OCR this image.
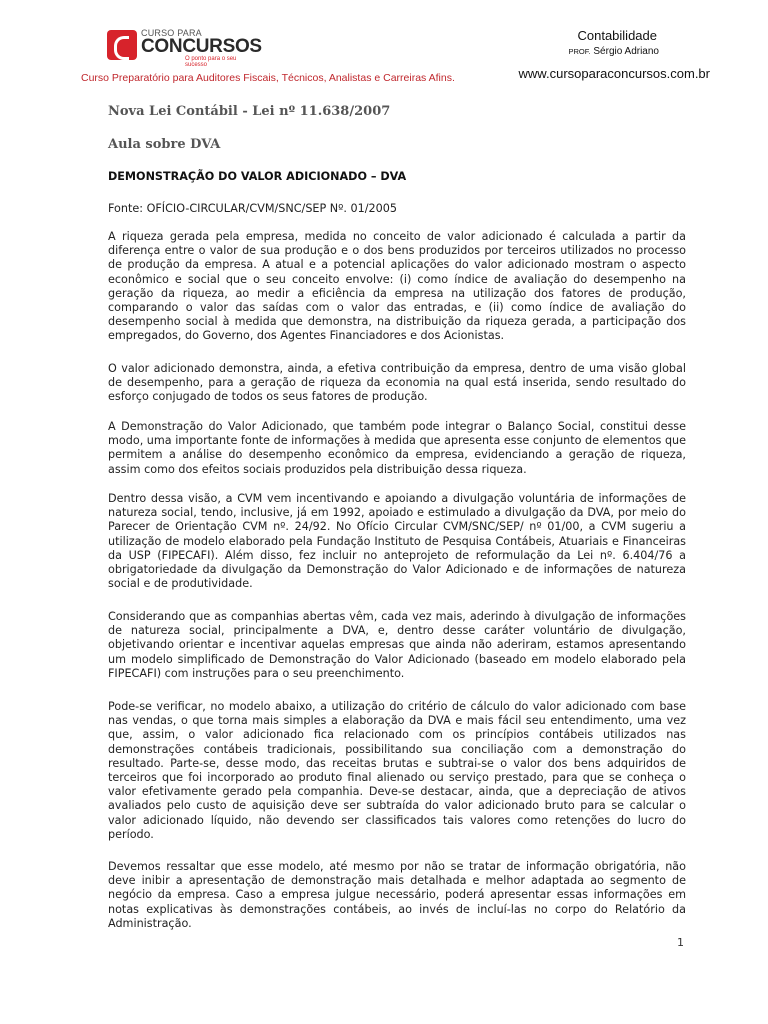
CURSO PARA
CONCURSOS
O ponto para o seu sucesso
Curso Preparatório para Auditores Fiscais, Técnicos, Analistas e Carreiras Afins.
Contabilidade
PROF. Sérgio Adriano
www.cursoparaconcursos.com.br
Nova Lei Contábil - Lei nº 11.638/2007
Aula sobre DVA
DEMONSTRAÇÃO DO VALOR ADICIONADO – DVA
Fonte: OFÍCIO-CIRCULAR/CVM/SNC/SEP Nº. 01/2005

A riqueza gerada pela empresa, medida no conceito de valor adicionado é calculada a partir da diferença entre o valor de sua produção e o dos bens produzidos por terceiros utilizados no processo de produção da empresa. A atual e a potencial aplicações do valor adicionado mostram o aspecto econômico e social que o seu conceito envolve: (i) como índice de avaliação do desempenho na geração da riqueza, ao medir a eficiência da empresa na utilização dos fatores de produção, comparando o valor das saídas com o valor das entradas, e (ii) como índice de avaliação do desempenho social à medida que demonstra, na distribuição da riqueza gerada, a participação dos empregados, do Governo, dos Agentes Financiadores e dos Acionistas.

O valor adicionado demonstra, ainda, a efetiva contribuição da empresa, dentro de uma visão global de desempenho, para a geração de riqueza da economia na qual está inserida, sendo resultado do esforço conjugado de todos os seus fatores de produção.

A Demonstração do Valor Adicionado, que também pode integrar o Balanço Social, constitui desse modo, uma importante fonte de informações à medida que apresenta esse conjunto de elementos que permitem a análise do desempenho econômico da empresa, evidenciando a geração de riqueza, assim como dos efeitos sociais produzidos pela distribuição dessa riqueza.

Dentro dessa visão, a CVM vem incentivando e apoiando a divulgação voluntária de informações de natureza social, tendo, inclusive, já em 1992, apoiado e estimulado a divulgação da DVA, por meio do Parecer de Orientação CVM nº. 24/92. No Ofício Circular CVM/SNC/SEP/ nº 01/00, a CVM sugeriu a utilização de modelo elaborado pela Fundação Instituto de Pesquisa Contábeis, Atuariais e Financeiras da USP (FIPECAFI). Além disso, fez incluir no anteprojeto de reformulação da Lei nº. 6.404/76 a obrigatoriedade da divulgação da Demonstração do Valor Adicionado e de informações de natureza social e de produtividade.

Considerando que as companhias abertas vêm, cada vez mais, aderindo à divulgação de informações de natureza social, principalmente a DVA, e, dentro desse caráter voluntário de divulgação, objetivando orientar e incentivar aquelas empresas que ainda não aderiram, estamos apresentando um modelo simplificado de Demonstração do Valor Adicionado (baseado em modelo elaborado pela FIPECAFI) com instruções para o seu preenchimento.

Pode-se verificar, no modelo abaixo, a utilização do critério de cálculo do valor adicionado com base nas vendas, o que torna mais simples a elaboração da DVA e mais fácil seu entendimento, uma vez que, assim, o valor adicionado fica relacionado com os princípios contábeis utilizados nas demonstrações contábeis tradicionais, possibilitando sua conciliação com a demonstração do resultado. Parte-se, desse modo, das receitas brutas e subtrai-se o valor dos bens adquiridos de terceiros que foi incorporado ao produto final alienado ou serviço prestado, para que se conheça o valor efetivamente gerado pela companhia. Deve-se destacar, ainda, que a depreciação de ativos avaliados pelo custo de aquisição deve ser subtraída do valor adicionado bruto para se calcular o valor adicionado líquido, não devendo ser classificados tais valores como retenções do lucro do período.

Devemos ressaltar que esse modelo, até mesmo por não se tratar de informação obrigatória, não deve inibir a apresentação de demonstração mais detalhada e melhor adaptada ao segmento de negócio da empresa. Caso a empresa julgue necessário, poderá apresentar essas informações em notas explicativas às demonstrações contábeis, ao invés de incluí-las no corpo do Relatório da Administração.

1
